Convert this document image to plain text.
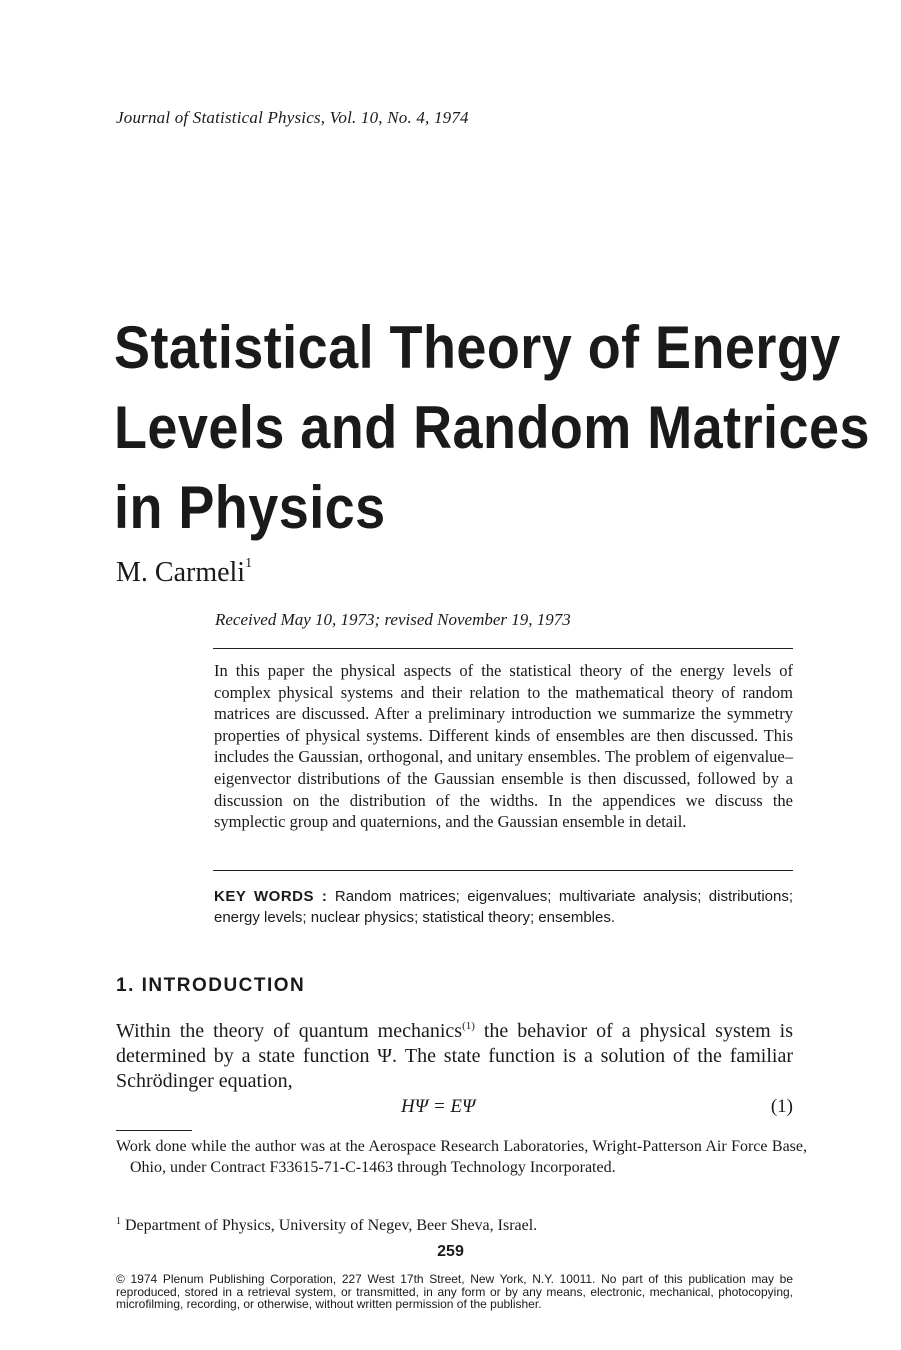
Journal of Statistical Physics, Vol. 10, No. 4, 1974
Statistical Theory of Energy
Levels and Random Matrices
in Physics
M. Carmeli$^1$
Received May 10, 1973; revised November 19, 1973

In this paper the physical aspects of the statistical theory of the energy levels of complex physical systems and their relation to the mathematical theory of random matrices are discussed. After a preliminary introduction we summarize the symmetry properties of physical systems. Different kinds of ensembles are then discussed. This includes the Gaussian, orthogonal, and unitary ensembles. The problem of eigenvalue–eigenvector distributions of the Gaussian ensemble is then discussed, followed by a discussion on the distribution of the widths. In the appendices we discuss the symplectic group and quaternions, and the Gaussian ensemble in detail.

KEY WORDS : Random matrices; eigenvalues; multivariate analysis; distributions; energy levels; nuclear physics; statistical theory; ensembles.

1. INTRODUCTION

Within the theory of quantum mechanics$^{(1)}$ the behavior of a physical system is determined by a state function Ψ. The state function is a solution of the familiar Schrödinger equation,

HΨ = EΨ	(1)

Work done while the author was at the Aerospace Research Laboratories, Wright-Patterson Air Force Base, Ohio, under Contract F33615-71-C-1463 through Technology Incorporated.

$^1$ Department of Physics, University of Negev, Beer Sheva, Israel.

259

© 1974 Plenum Publishing Corporation, 227 West 17th Street, New York, N.Y. 10011. No part of this publication may be reproduced, stored in a retrieval system, or transmitted, in any form or by any means, electronic, mechanical, photocopying, microfilming, recording, or otherwise, without written permission of the publisher.
